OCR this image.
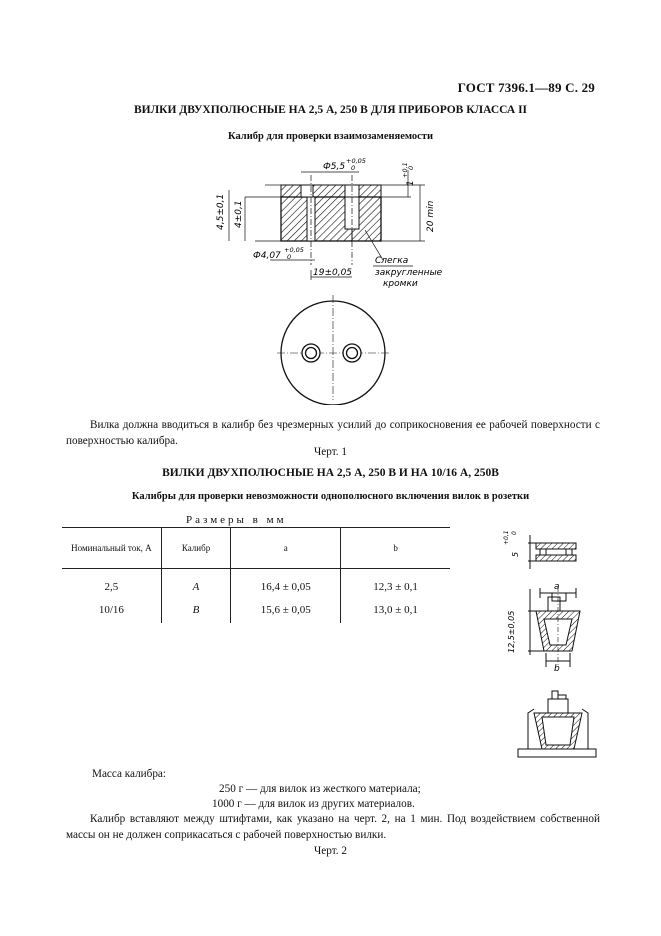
ГОСТ 7396.1—89 С. 29
ВИЛКИ ДВУХПОЛЮСНЫЕ НА 2,5 А, 250 В ДЛЯ ПРИБОРОВ КЛАССА II
Калибр для проверки взаимозаменяемости
4,5±0,1 4±0,1	20 min
1
+0,1
0
Ф5,5
+0,05
0
Ф4,07
+0,05
0
19±0,05
Слегка
закругленные
кромки
Вилка должна вводиться в калибр без чрезмерных усилий до соприкосновения ее рабочей поверхности с поверхностью калибра.
Черт. 1
ВИЛКИ ДВУХПОЛЮСНЫЕ НА 2,5 А, 250 В И НА 10/16 А, 250В
Калибры для проверки невозможности однополюсного включения вилок в розетки
Размеры в мм
Номинальный ток, А	Калибр	a	b
2,5	A	16,4 ± 0,05	12,3 ± 0,1
10/16	B	15,6 ± 0,05	13,0 ± 0,1
5
+0,1 0
a
b
12,5±0,05
Масса калибра:
250 г — для вилок из жесткого материала;
1000 г — для вилок из других материалов.
Калибр вставляют между штифтами, как указано на черт. 2, на 1 мин. Под воздействием собственной массы он не должен соприкасаться с рабочей поверхностью вилки.
Черт. 2
